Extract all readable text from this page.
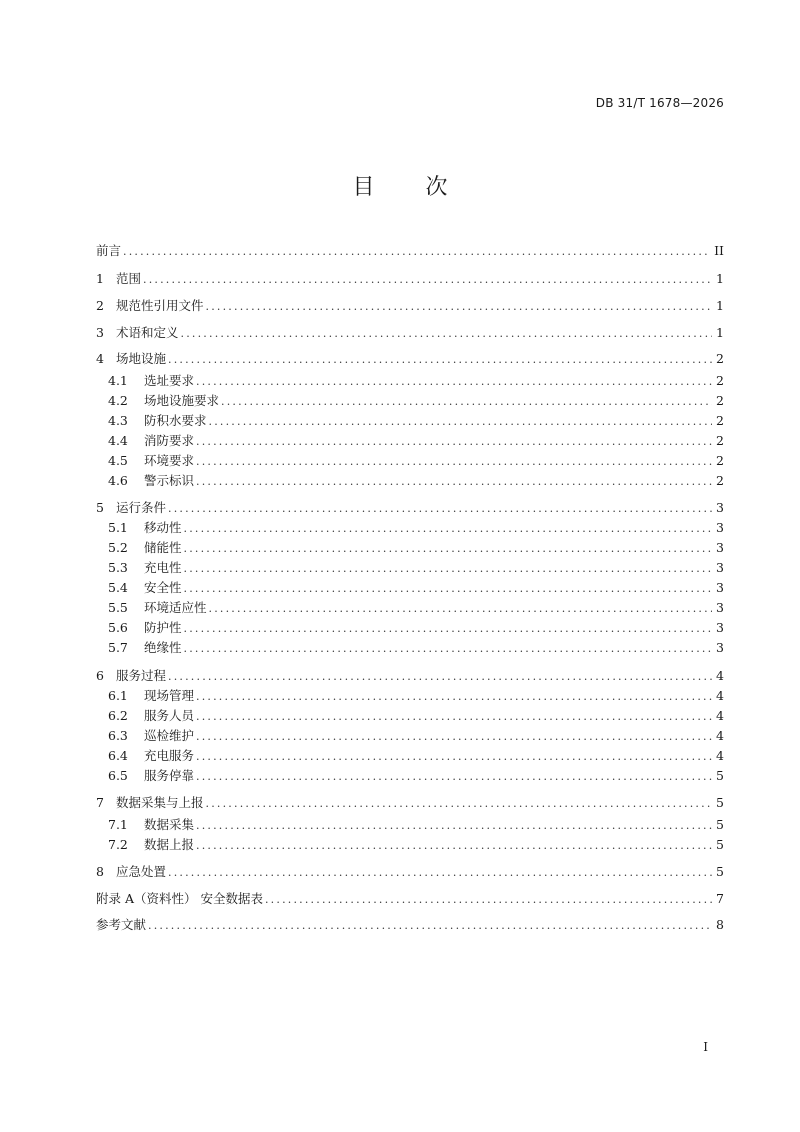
DB 31/T 1678—2026
目 次
前言 .....	II
1 范围 .....	1
2 规范性引用文件 .....	1
3 术语和定义 .....	1
4 场地设施 .....	2
4.1	选址要求 .....	2
4.2	场地设施要求 .....	2
4.3	防积水要求 .....	2
4.4	消防要求 .....	2
4.5	环境要求 .....	2
4.6	警示标识 .....	2
5 运行条件 .....	3
5.1	移动性 .....	3
5.2	储能性 .....	3
5.3	充电性 .....	3
5.4	安全性 .....	3
5.5	环境适应性 .....	3
5.6	防护性 .....	3
5.7	绝缘性 .....	3
6 服务过程 .....	4
6.1	现场管理 .....	4
6.2	服务人员 .....	4
6.3	巡检维护 .....	4
6.4	充电服务 .....	4
6.5	服务停靠 .....	5
7 数据采集与上报 .....	5
7.1	数据采集 .....	5
7.2	数据上报 .....	5
8 应急处置 .....	5
附录 A（资料性） 安全数据表 .....	7
参考文献 .....	8
I
